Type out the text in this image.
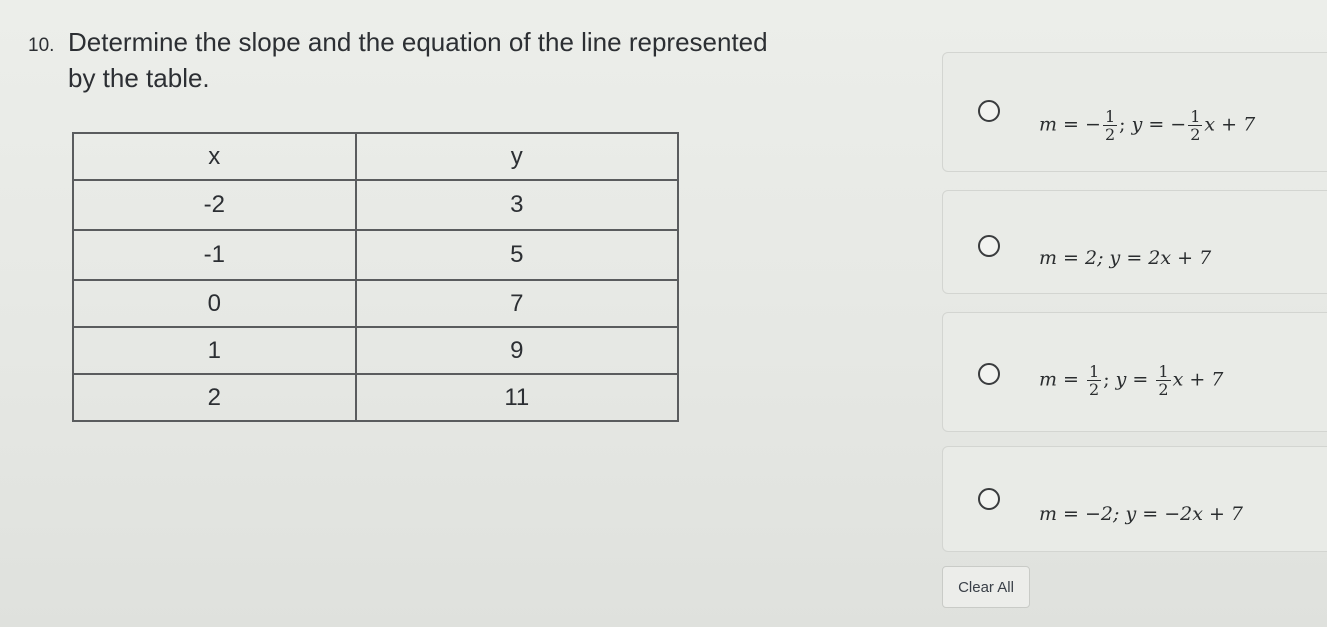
10. Determine the slope and the equation of the line represented
by the table.
x	y
-2	3
-1	5
0	7
1	9
2	11
m = − $\frac{1}{2}$ ; y = − $\frac{1}{2}$ x + 7
m = 2; y = 2x + 7
$m = \frac{1}{2}$ ; $y = \frac{1}{2}$ x + 7
m = −2; y = −2x + 7
Clear All
